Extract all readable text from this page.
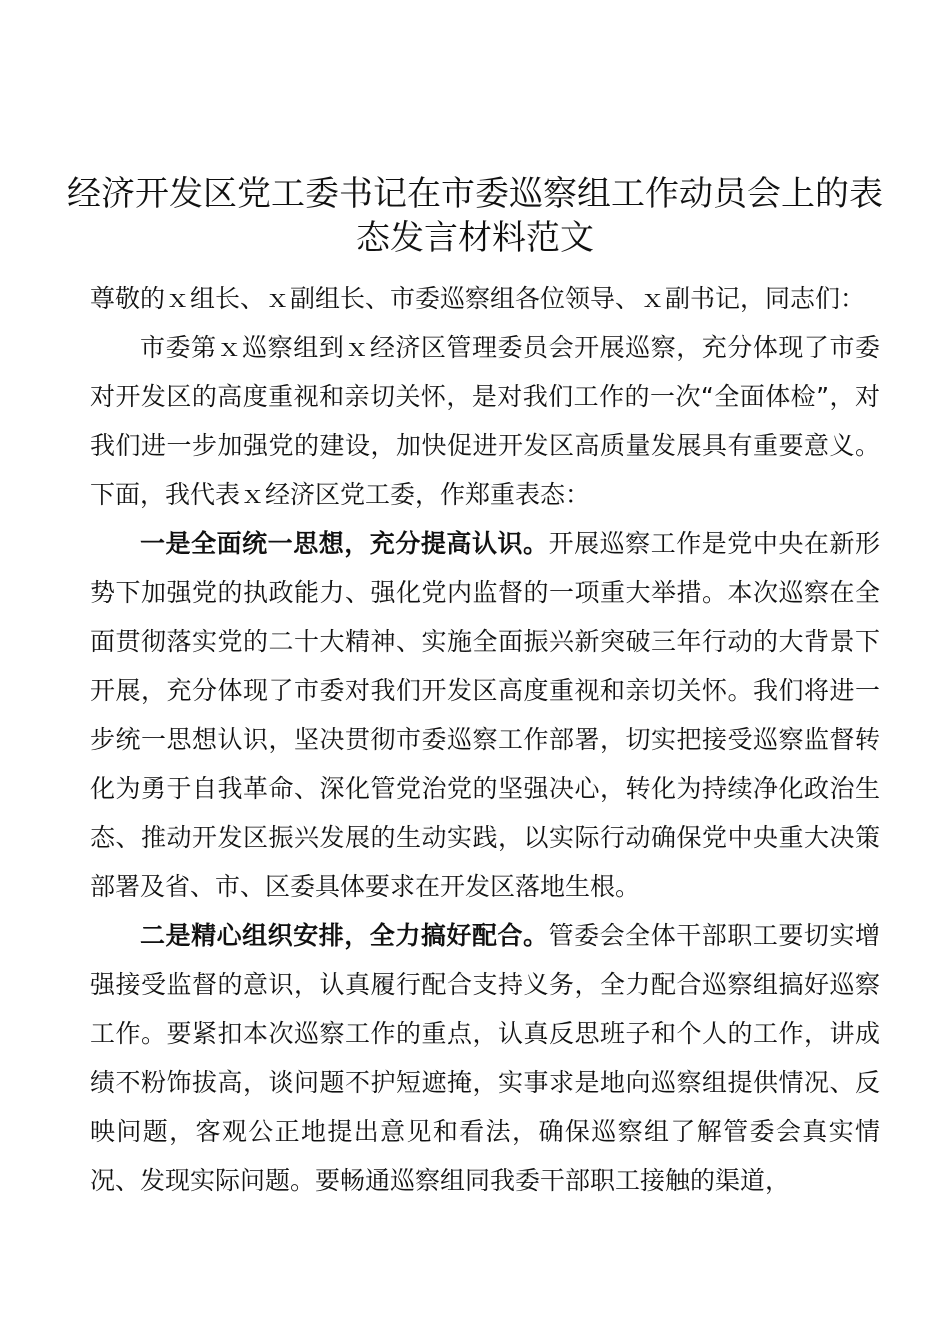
经济开发区党工委书记在市委巡察组工作动员会上的表态发言材料范文

尊敬的ｘ组长、ｘ副组长、市委巡察组各位领导、ｘ副书记，同志们：

市委第ｘ巡察组到ｘ经济区管理委员会开展巡察，充分体现了市委对开发区的高度重视和亲切关怀，是对我们工作的一次“全面体检”，对我们进一步加强党的建设，加快促进开发区高质量发展具有重要意义。下面，我代表ｘ经济区党工委，作郑重表态：

一是全面统一思想，充分提高认识。开展巡察工作是党中央在新形势下加强党的执政能力、强化党内监督的一项重大举措。本次巡察在全面贯彻落实党的二十大精神、实施全面振兴新突破三年行动的大背景下开展，充分体现了市委对我们开发区高度重视和亲切关怀。我们将进一步统一思想认识，坚决贯彻市委巡察工作部署，切实把接受巡察监督转化为勇于自我革命、深化管党治党的坚强决心，转化为持续净化政治生态、推动开发区振兴发展的生动实践，以实际行动确保党中央重大决策部署及省、市、区委具体要求在开发区落地生根。

二是精心组织安排，全力搞好配合。管委会全体干部职工要切实增强接受监督的意识，认真履行配合支持义务，全力配合巡察组搞好巡察工作。要紧扣本次巡察工作的重点，认真反思班子和个人的工作，讲成绩不粉饰拔高，谈问题不护短遮掩，实事求是地向巡察组提供情况、反映问题，客观公正地提出意见和看法，确保巡察组了解管委会真实情况、发现实际问题。要畅通巡察组同我委干部职工接触的渠道，
